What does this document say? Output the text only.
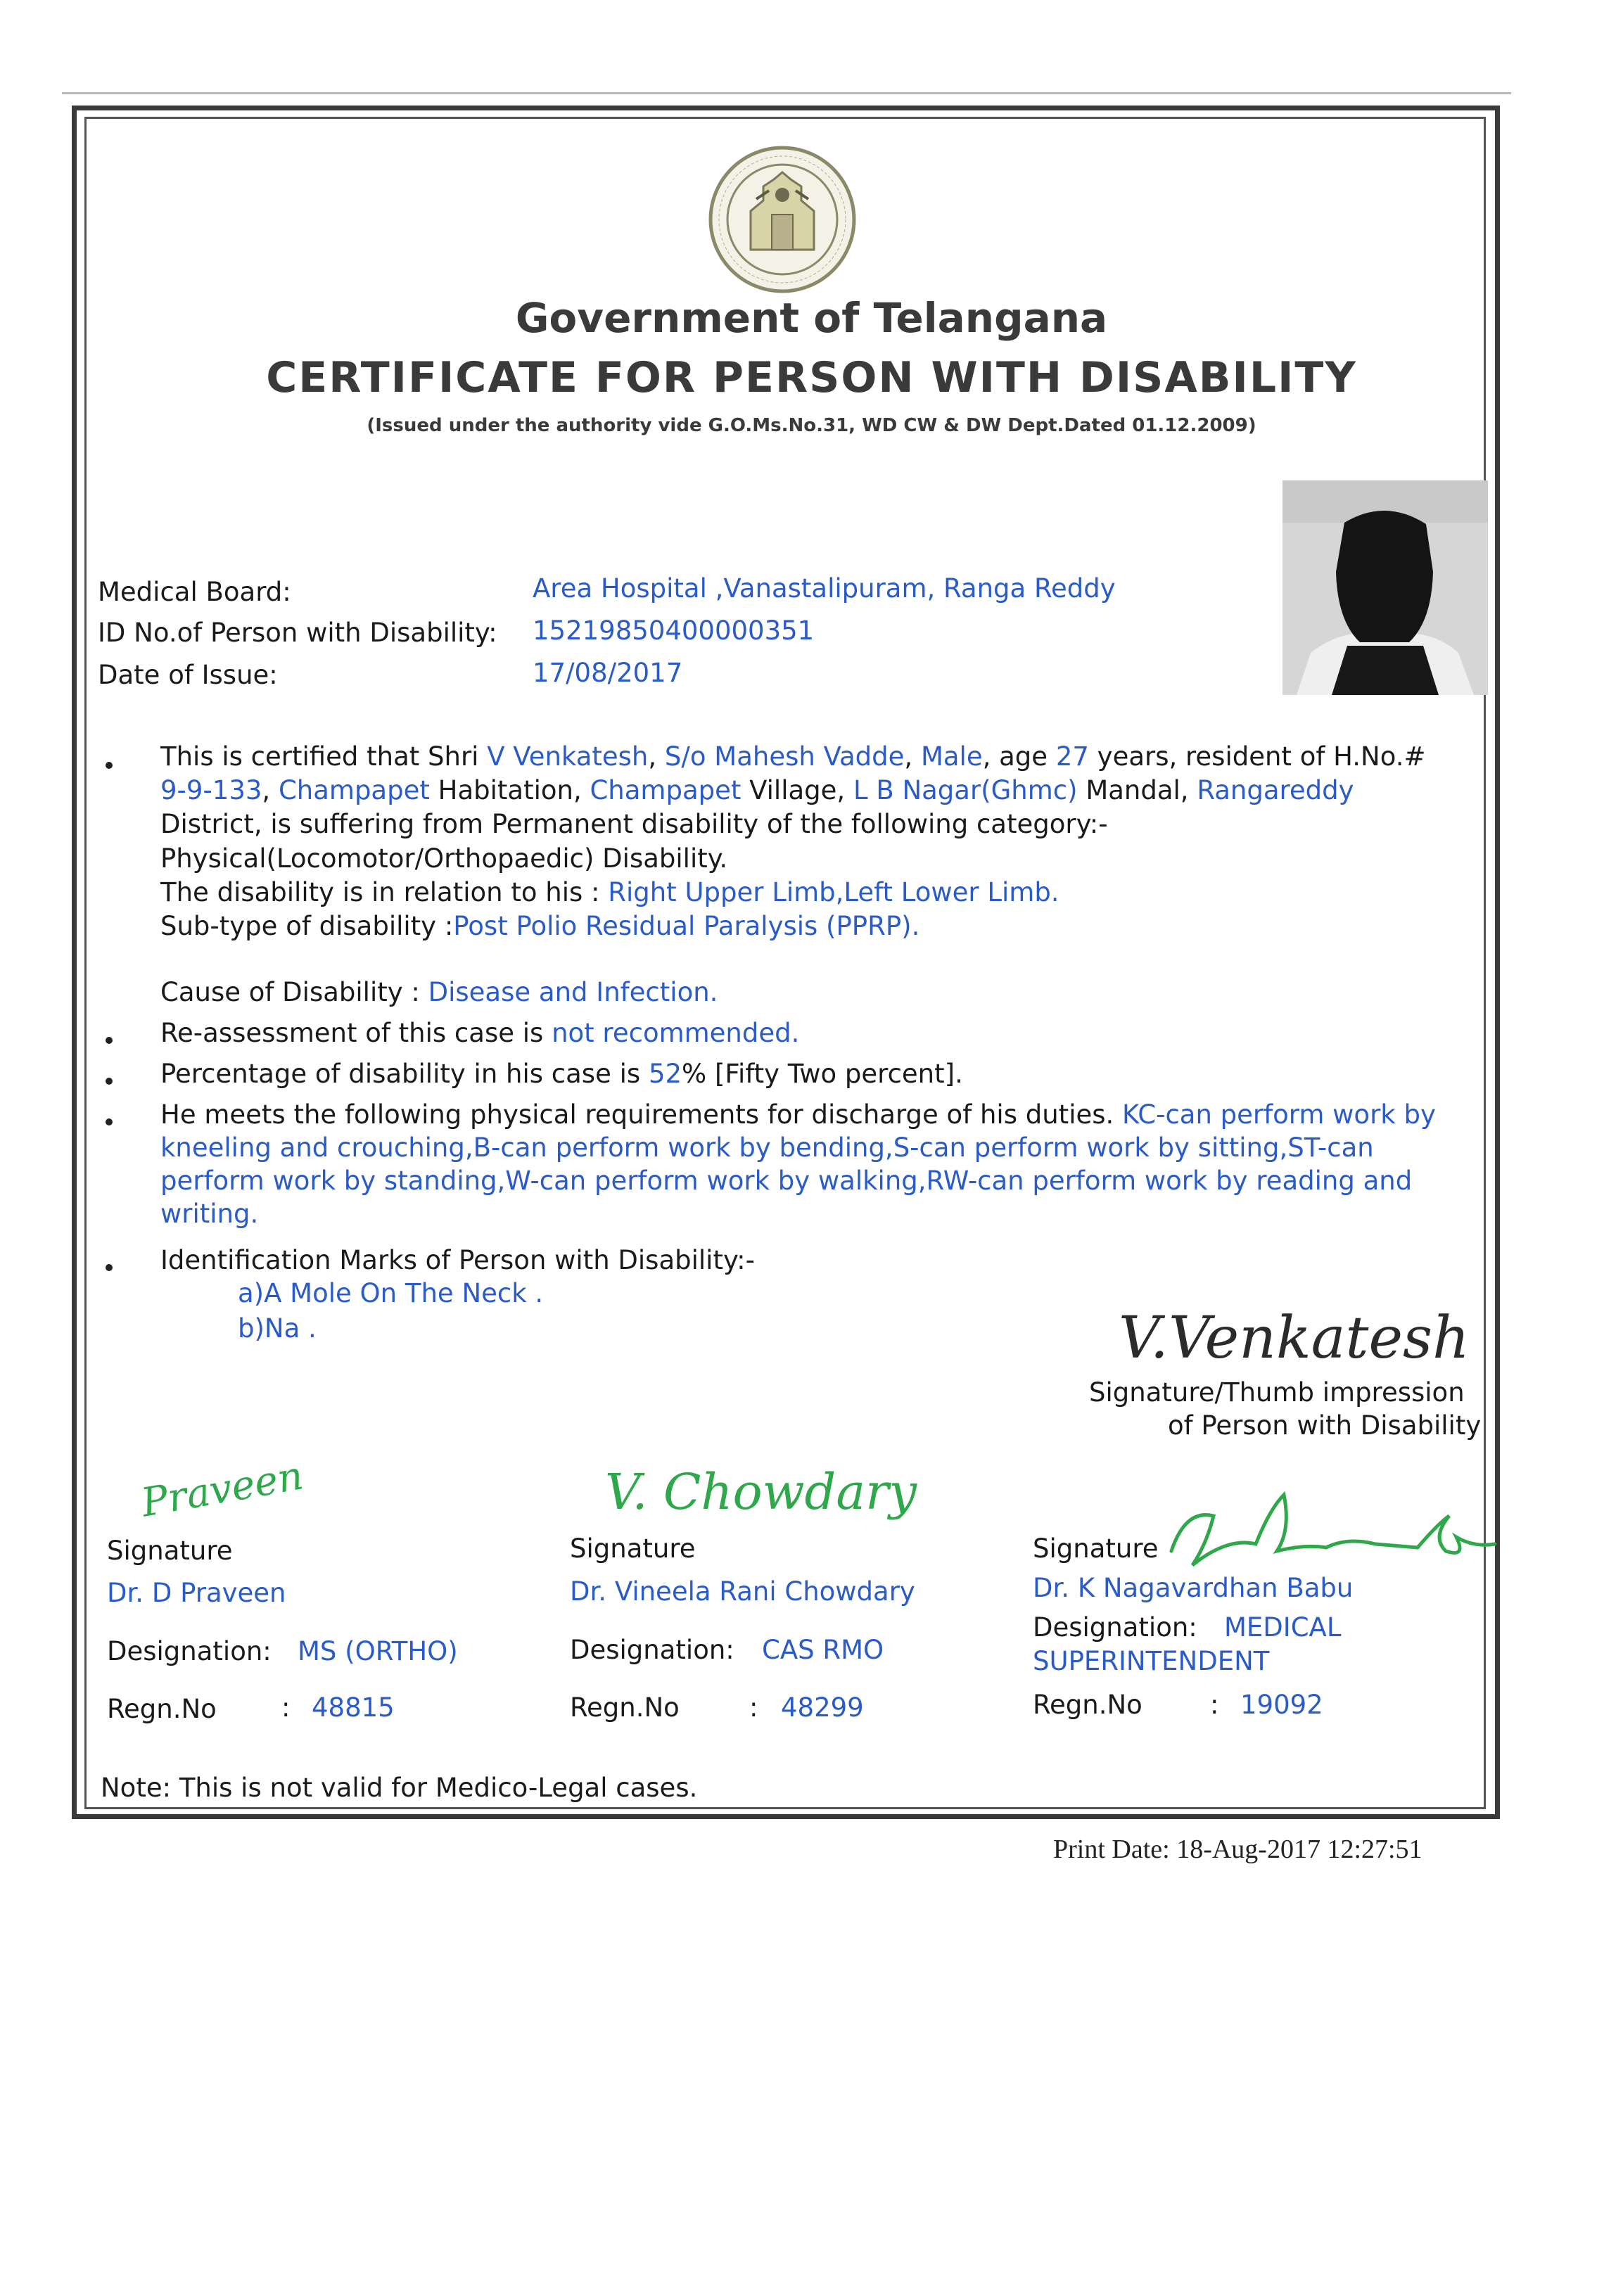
Government of Telangana
CERTIFICATE FOR PERSON WITH DISABILITY
(Issued under the authority vide G.O.Ms.No.31, WD CW & DW Dept.Dated 01.12.2009)
Medical Board:	Area Hospital ,Vanastalipuram, Ranga Reddy
ID No.of Person with Disability: 15219850400000351
Date of Issue:	17/08/2017
This is certified that Shri V Venkatesh, S/o Mahesh Vadde, Male, age 27 years, resident of H.No.#
9-9-133, Champapet Habitation, Champapet Village, L B Nagar(Ghmc) Mandal, Rangareddy
District, is suffering from Permanent disability of the following category:-
Physical(Locomotor/Orthopaedic) Disability.
The disability is in relation to his : Right Upper Limb,Left Lower Limb.
Sub-type of disability :Post Polio Residual Paralysis (PPRP).
Cause of Disability : Disease and Infection.
Re-assessment of this case is not recommended.
Percentage of disability in his case is 52% [Fifty Two percent].
He meets the following physical requirements for discharge of his duties. KC-can perform work by kneeling and crouching,B-can perform work by bending,S-can perform work by sitting,ST-can perform work by standing,W-can perform work by walking,RW-can perform work by reading and writing.
Identification Marks of Person with Disability:-
a)A Mole On The Neck .
b)Na .	V.Venkatesh
Signature/Thumb impression
of Person with Disability
Praveen
Signature
Dr. D Praveen
Designation: MS (ORTHO)
Regn.No : 48815
V. Chowdary
Signature
Dr. Vineela Rani Chowdary
Designation: CAS RMO
Regn.No	: 48299
Signature
Dr. K Nagavardhan Babu
Designation: MEDICAL
SUPERINTENDENT
Regn.No	: 19092
Note: This is not valid for Medico-Legal cases.
Print Date: 18-Aug-2017 12:27:51
